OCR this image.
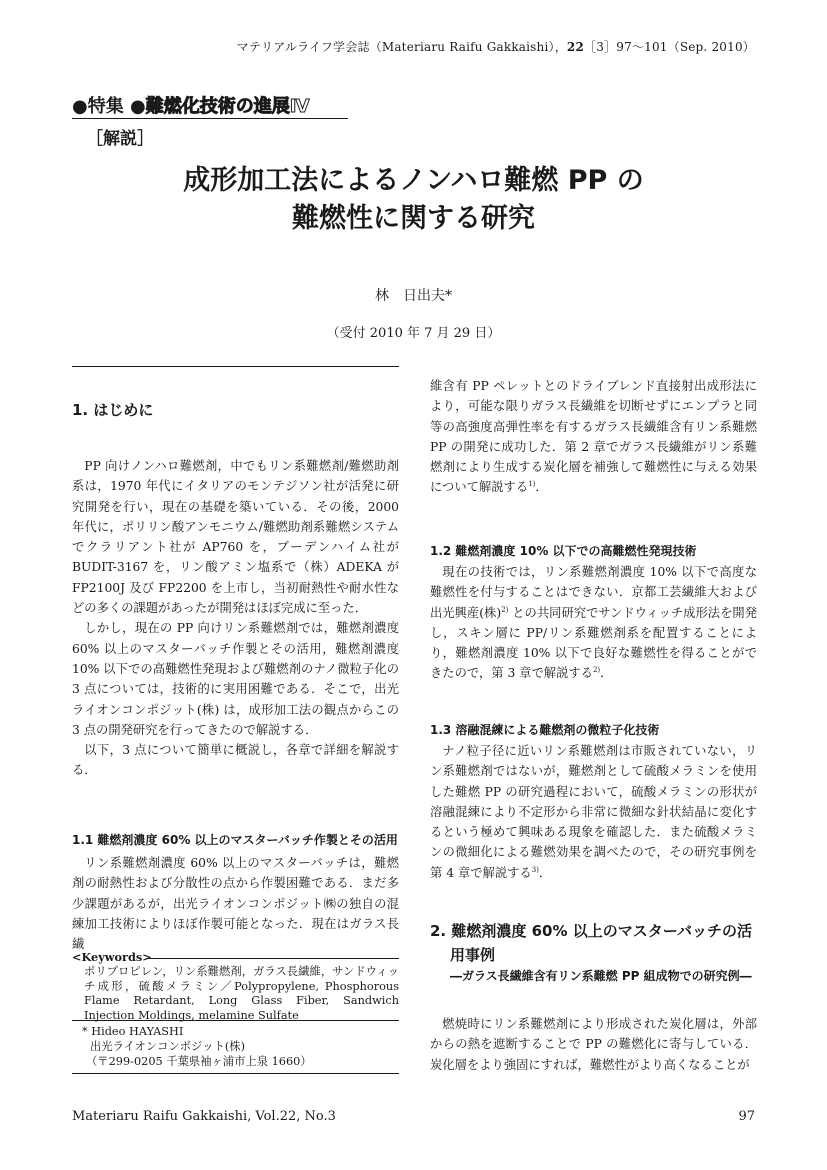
マテリアルライフ学会誌（Materiaru Raifu Gakkaishi），22［3］97〜101（Sep. 2010）
●特集 ●難燃化技術の進展Ⅳ
［解説］
成形加工法によるノンハロ難燃 PP の
難燃性に関する研究
林　日出夫*
（受付 2010 年 7 月 29 日）
1. はじめに

PP 向けノンハロ難燃剤，中でもリン系難燃剤/難燃助剤系は，1970 年代にイタリアのモンテジソン社が活発に研究開発を行い，現在の基礎を築いている．その後，2000 年代に，ポリリン酸アンモニウム/難燃助剤系難燃システムでクラリアント社が AP760 を，ブーデンハイム社が BUDIT-3167 を，リン酸アミン塩系で（株）ADEKA が FP2100J 及び FP2200 を上市し，当初耐熱性や耐水性などの多くの課題があったが開発はほぼ完成に至った．

しかし，現在の PP 向けリン系難燃剤では，難燃剤濃度 60% 以上のマスターバッチ作製とその活用，難燃剤濃度 10% 以下での高難燃性発現および難燃剤のナノ微粒子化の 3 点については，技術的に実用困難である．そこで，出光ライオンコンポジット(株) は，成形加工法の観点からこの 3 点の開発研究を行ってきたので解説する．

以下，3 点について簡単に概説し，各章で詳細を解説する．

1.1 難燃剤濃度 60% 以上のマスターバッチ作製とその活用

リン系難燃剤濃度 60% 以上のマスターバッチは，難燃剤の耐熱性および分散性の点から作製困難である．まだ多少課題があるが，出光ライオンコンポジット㈱の独自の混練加工技術によりほぼ作製可能となった．現在はガラス長繊

<Keywords>
ポリプロピレン，リン系難燃剤，ガラス長繊維，サンドウィッチ成形，硫酸メラミン／Polypropylene, Phosphorous Flame Retardant, Long Glass Fiber, Sandwich Injection Moldings, melamine Sulfate
* Hideo HAYASHI
出光ライオンコンポジット(株)
（〒299-0205 千葉県袖ヶ浦市上泉 1660）

維含有 PP ペレットとのドライブレンド直接射出成形法により，可能な限りガラス長繊維を切断せずにエンプラと同等の高強度高弾性率を有するガラス長繊維含有リン系難燃 PP の開発に成功した．第 2 章でガラス長繊維がリン系難燃剤により生成する炭化層を補強して難燃性に与える効果について解説する$^{1)}$．

1.2 難燃剤濃度 10% 以下での高難燃性発現技術

現在の技術では，リン系難燃剤濃度 10% 以下で高度な難燃性を付与することはできない．京都工芸繊維大および出光興産(株)$^{2)}$ との共同研究でサンドウィッチ成形法を開発し，スキン層に PP/リン系難燃剤系を配置することにより，難燃剤濃度 10% 以下で良好な難燃性を得ることができたので，第 3 章で解説する$^{2)}$．

1.3 溶融混練による難燃剤の微粒子化技術

ナノ粒子径に近いリン系難燃剤は市販されていない，リン系難燃剤ではないが，難燃剤として硫酸メラミンを使用した難燃 PP の研究過程において，硫酸メラミンの形状が溶融混練により不定形から非常に微細な針状結晶に変化するという極めて興味ある現象を確認した．また硫酸メラミンの微細化による難燃効果を調べたので，その研究事例を第 4 章で解説する$^{3)}$．

2. 難燃剤濃度 60% 以上のマスターバッチの活
用事例
―ガラス長繊維含有リン系難燃 PP 組成物での研究例―

燃焼時にリン系難燃剤により形成された炭化層は，外部からの熱を遮断することで PP の難燃化に寄与している．炭化層をより強固にすれば，難燃性がより高くなることが

Materiaru Raifu Gakkaishi, Vol.22, No.3	97
